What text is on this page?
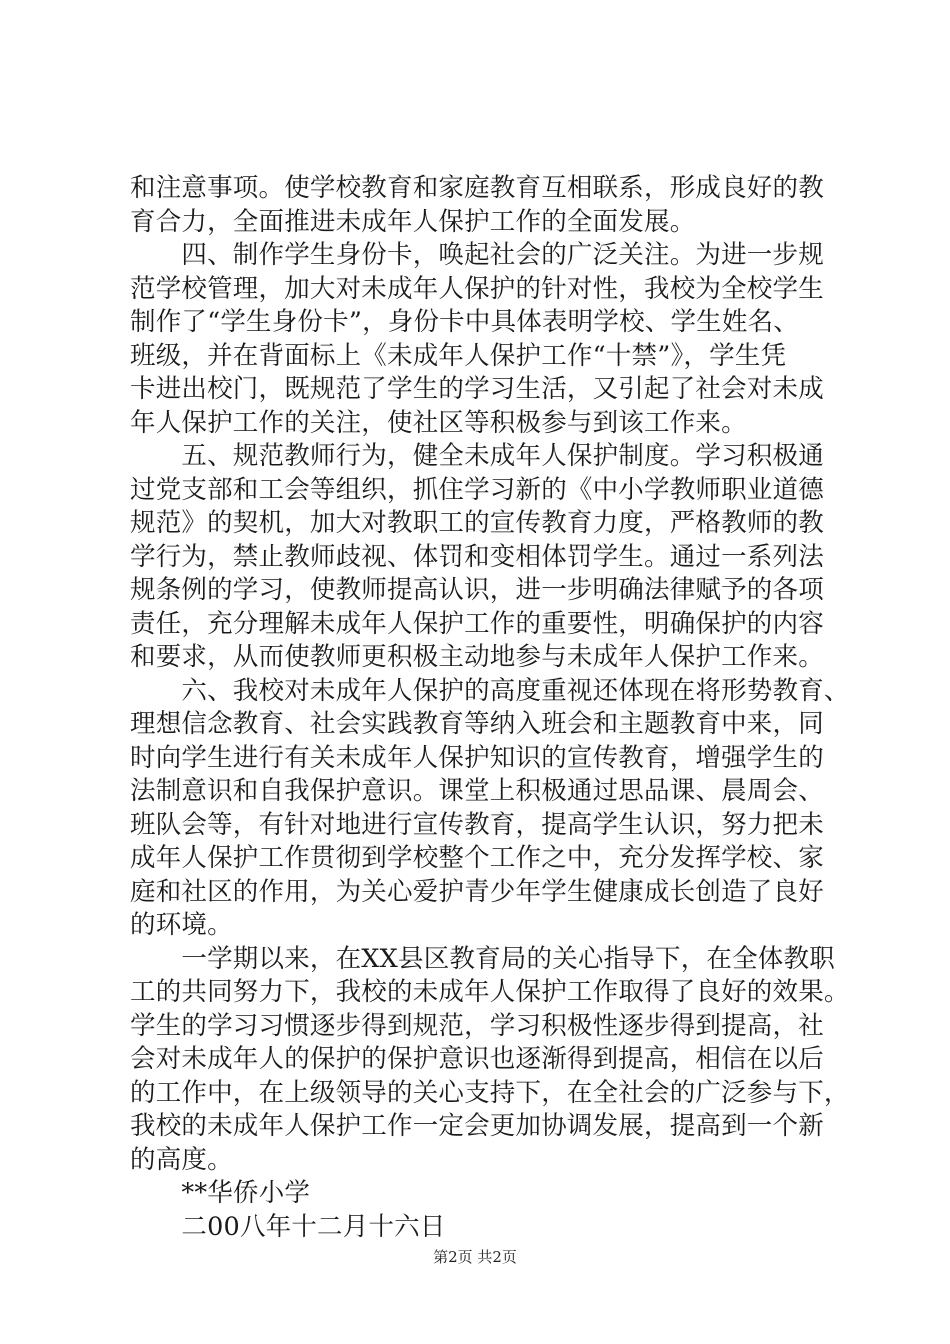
和注意事项。使学校教育和家庭教育互相联系，形成良好的教
育合力，全面推进未成年人保护工作的全面发展。
　　四、制作学生身份卡，唤起社会的广泛关注。为进一步规
范学校管理，加大对未成年人保护的针对性，我校为全校学生
制作了“学生身份卡”，身份卡中具体表明学校、学生姓名、
班级，并在背面标上《未成年人保护工作“十禁”》，学生凭
卡进出校门，既规范了学生的学习生活，又引起了社会对未成
年人保护工作的关注，使社区等积极参与到该工作来。
　　五、规范教师行为，健全未成年人保护制度。学习积极通
过党支部和工会等组织，抓住学习新的《中小学教师职业道德
规范》的契机，加大对教职工的宣传教育力度，严格教师的教
学行为，禁止教师歧视、体罚和变相体罚学生。通过一系列法
规条例的学习，使教师提高认识，进一步明确法律赋予的各项
责任，充分理解未成年人保护工作的重要性，明确保护的内容
和要求，从而使教师更积极主动地参与未成年人保护工作来。
　　六、我校对未成年人保护的高度重视还体现在将形势教育、
理想信念教育、社会实践教育等纳入班会和主题教育中来，同
时向学生进行有关未成年人保护知识的宣传教育，增强学生的
法制意识和自我保护意识。课堂上积极通过思品课、晨周会、
班队会等，有针对地进行宣传教育，提高学生认识，努力把未
成年人保护工作贯彻到学校整个工作之中，充分发挥学校、家
庭和社区的作用，为关心爱护青少年学生健康成长创造了良好
的环境。
　　一学期以来，在XX县区教育局的关心指导下，在全体教职
工的共同努力下，我校的未成年人保护工作取得了良好的效果。
学生的学习习惯逐步得到规范，学习积极性逐步得到提高，社
会对未成年人的保护的保护意识也逐渐得到提高，相信在以后
的工作中，在上级领导的关心支持下，在全社会的广泛参与下，
我校的未成年人保护工作一定会更加协调发展，提高到一个新
的高度。
　　**华侨小学
　　二00八年十二月十六日
第2页 共2页
